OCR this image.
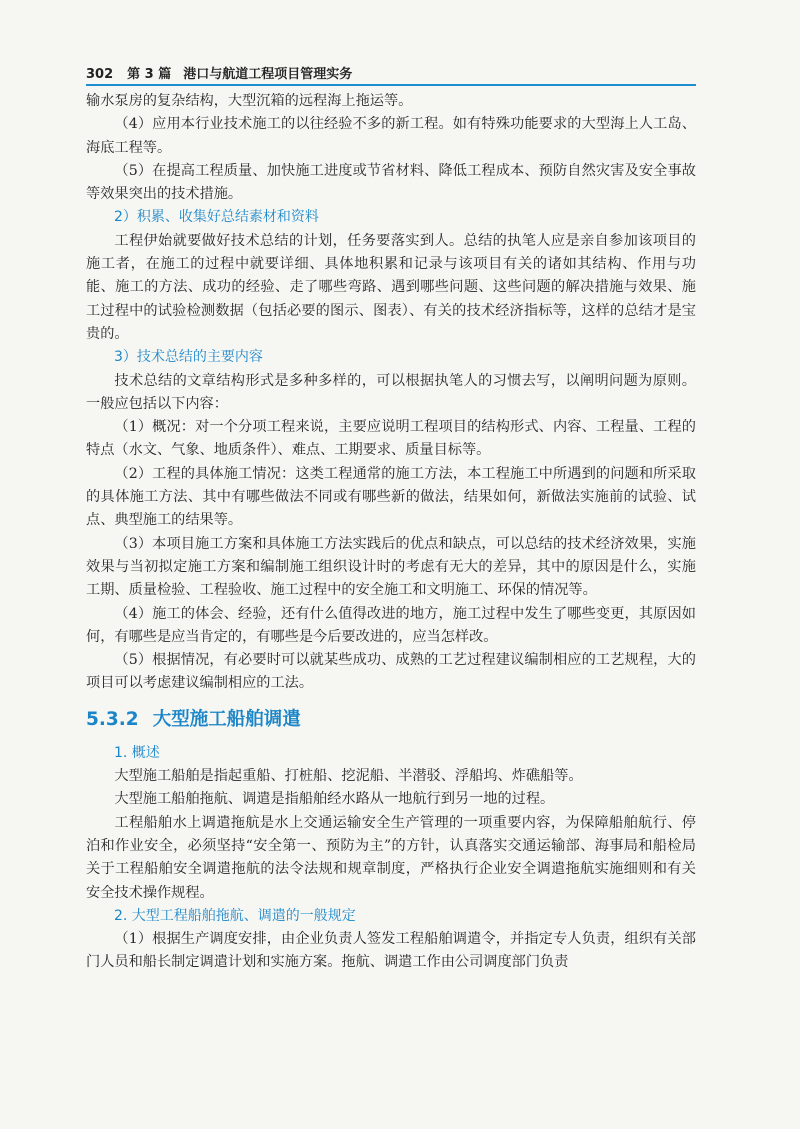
302 第 3 篇 港口与航道工程项目管理实务

输水泵房的复杂结构，大型沉箱的远程海上拖运等。

（4）应用本行业技术施工的以往经验不多的新工程。如有特殊功能要求的大型海上人工岛、海底工程等。

（5）在提高工程质量、加快施工进度或节省材料、降低工程成本、预防自然灾害及安全事故等效果突出的技术措施。

2）积累、收集好总结素材和资料

工程伊始就要做好技术总结的计划，任务要落实到人。总结的执笔人应是亲自参加该项目的施工者，在施工的过程中就要详细、具体地积累和记录与该项目有关的诸如其结构、作用与功能、施工的方法、成功的经验、走了哪些弯路、遇到哪些问题、这些问题的解决措施与效果、施工过程中的试验检测数据（包括必要的图示、图表）、有关的技术经济指标等，这样的总结才是宝贵的。

3）技术总结的主要内容

技术总结的文章结构形式是多种多样的，可以根据执笔人的习惯去写，以阐明问题为原则。一般应包括以下内容：

（1）概况：对一个分项工程来说，主要应说明工程项目的结构形式、内容、工程量、工程的特点（水文、气象、地质条件）、难点、工期要求、质量目标等。

（2）工程的具体施工情况：这类工程通常的施工方法，本工程施工中所遇到的问题和所采取的具体施工方法、其中有哪些做法不同或有哪些新的做法，结果如何，新做法实施前的试验、试点、典型施工的结果等。

（3）本项目施工方案和具体施工方法实践后的优点和缺点，可以总结的技术经济效果，实施效果与当初拟定施工方案和编制施工组织设计时的考虑有无大的差异，其中的原因是什么，实施工期、质量检验、工程验收、施工过程中的安全施工和文明施工、环保的情况等。

（4）施工的体会、经验，还有什么值得改进的地方，施工过程中发生了哪些变更，其原因如何，有哪些是应当肯定的，有哪些是今后要改进的，应当怎样改。

（5）根据情况，有必要时可以就某些成功、成熟的工艺过程建议编制相应的工艺规程，大的项目可以考虑建议编制相应的工法。

5.3.2 大型施工船舶调遣
1. 概述

大型施工船舶是指起重船、打桩船、挖泥船、半潜驳、浮船坞、炸礁船等。

大型施工船舶拖航、调遣是指船舶经水路从一地航行到另一地的过程。

工程船舶水上调遣拖航是水上交通运输安全生产管理的一项重要内容，为保障船舶航行、停泊和作业安全，必须坚持“安全第一、预防为主”的方针，认真落实交通运输部、海事局和船检局关于工程船舶安全调遣拖航的法令法规和规章制度，严格执行企业安全调遣拖航实施细则和有关安全技术操作规程。

2. 大型工程船舶拖航、调遣的一般规定

（1）根据生产调度安排，由企业负责人签发工程船舶调遣令，并指定专人负责，组织有关部门人员和船长制定调遣计划和实施方案。拖航、调遣工作由公司调度部门负责
